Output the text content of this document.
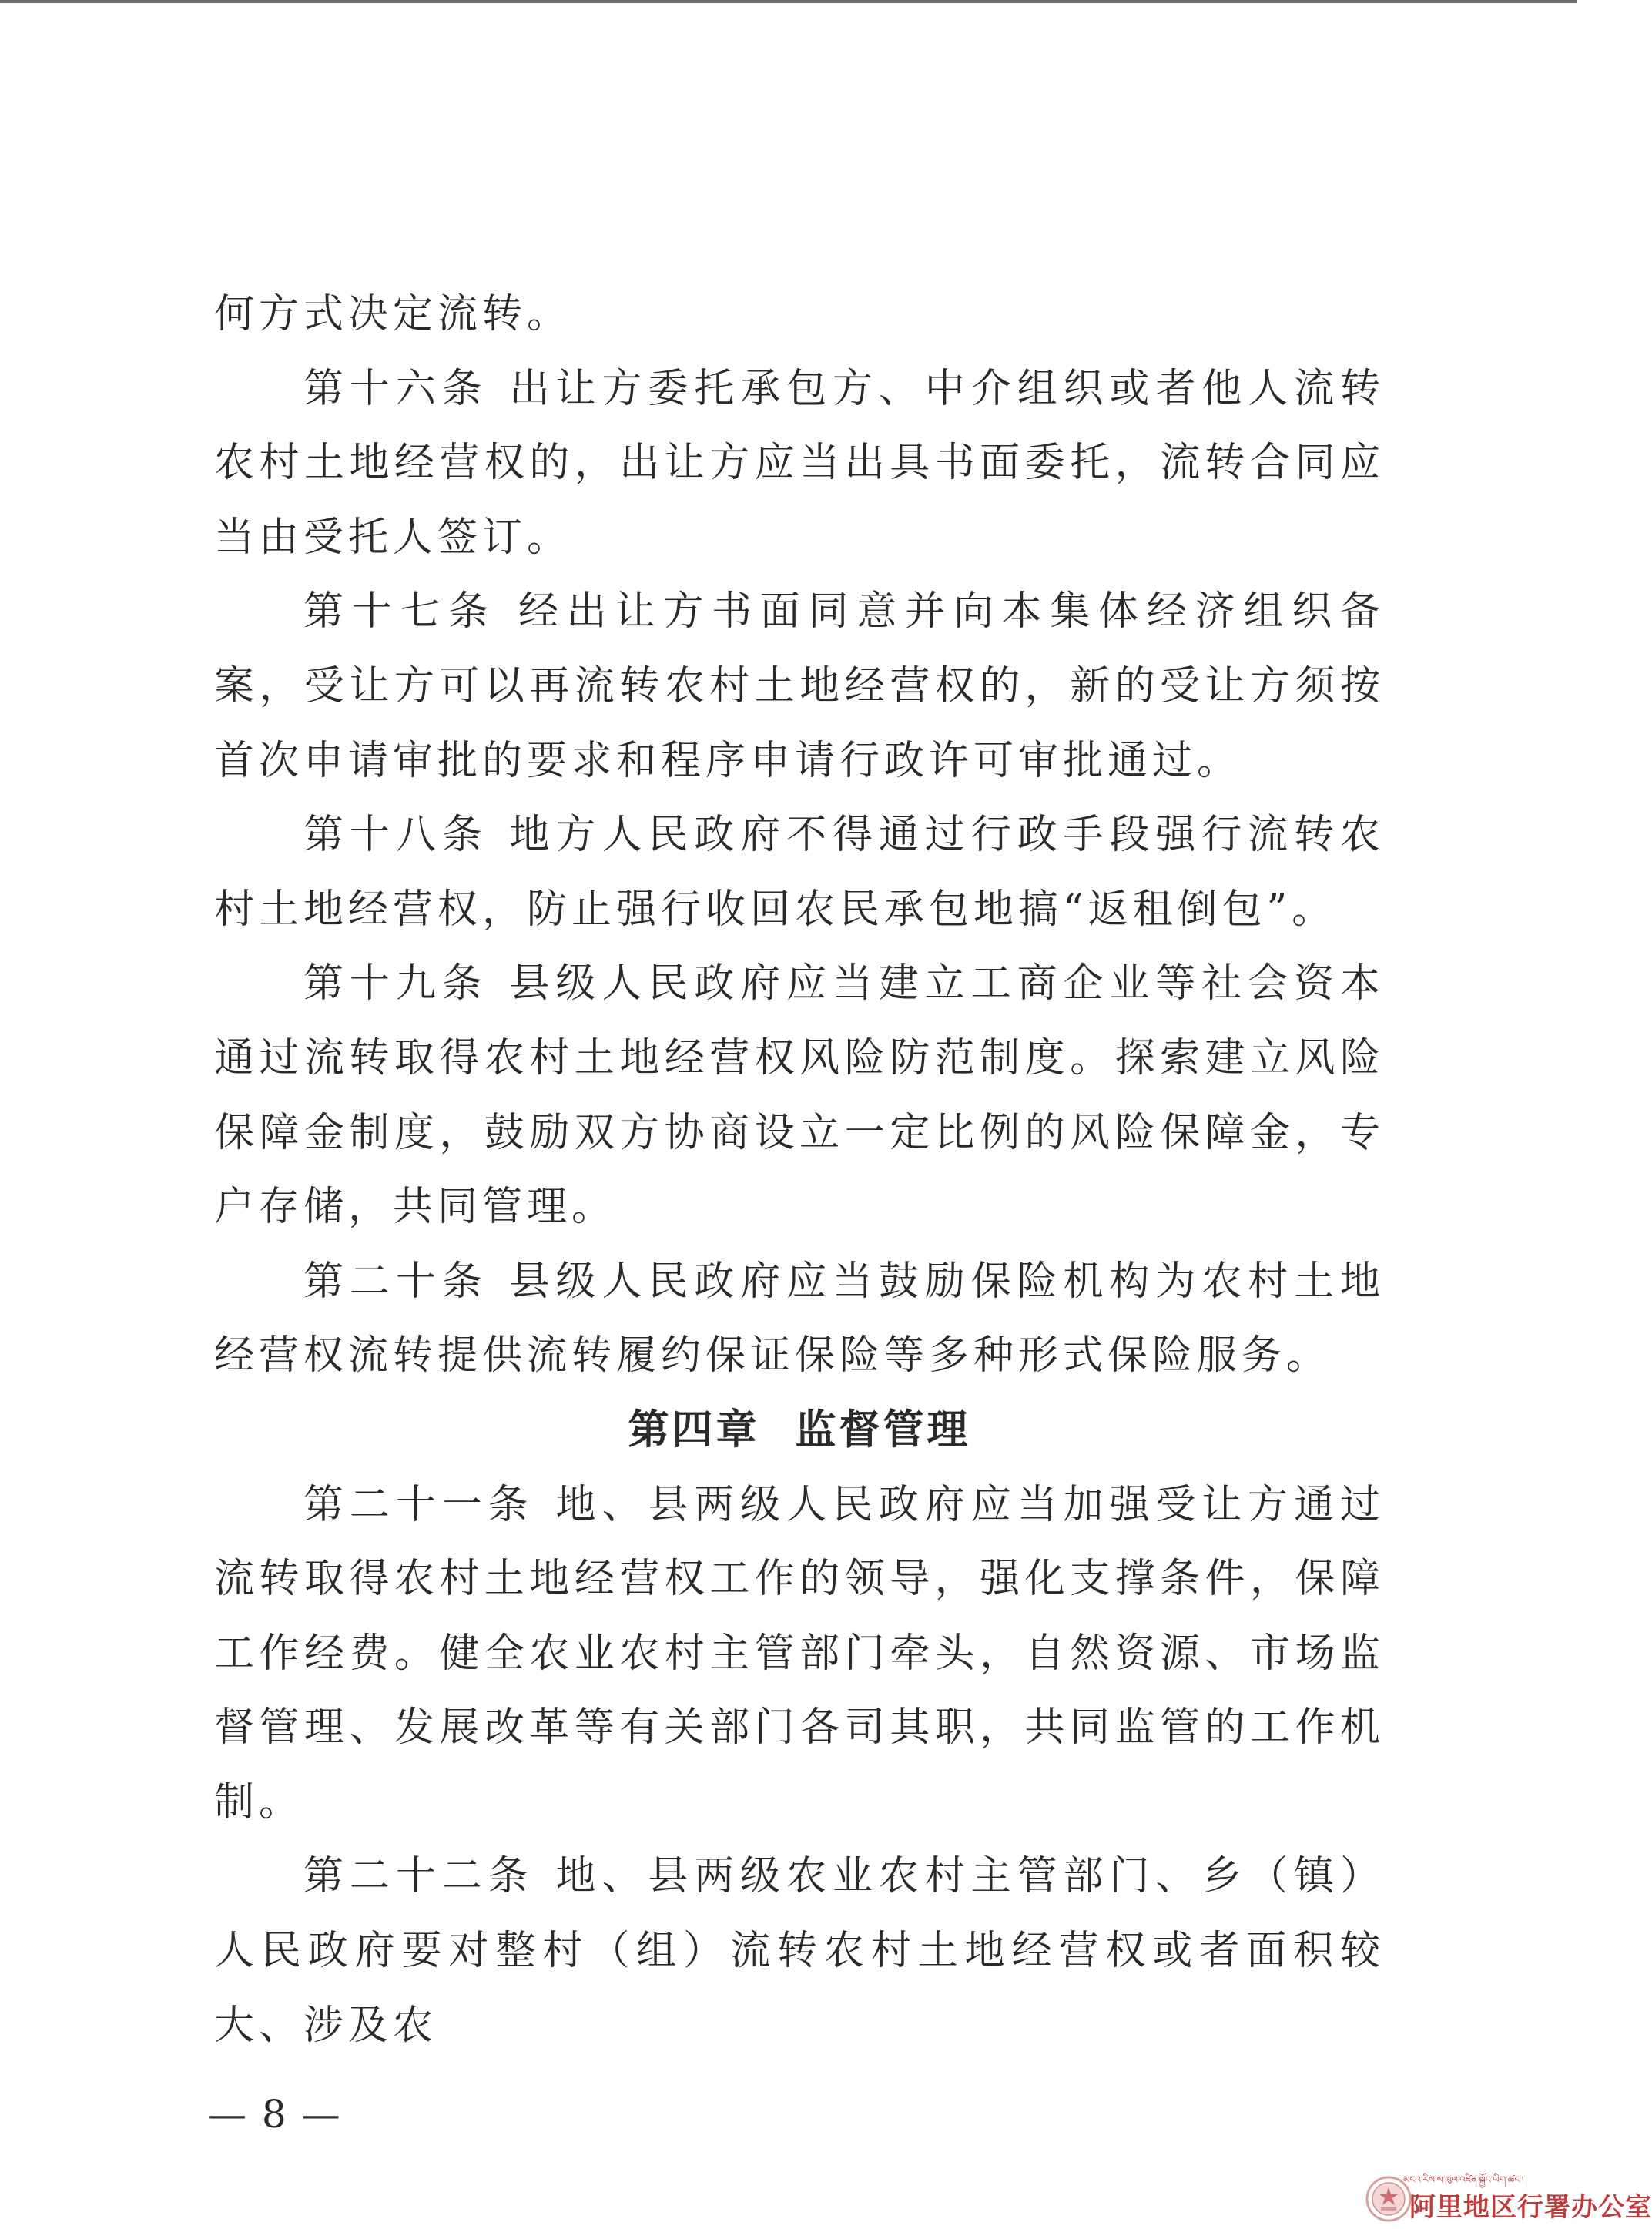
何方式决定流转。

第十六条 出让方委托承包方、中介组织或者他人流转农村土地经营权的，出让方应当出具书面委托，流转合同应当由受托人签订。

第十七条 经出让方书面同意并向本集体经济组织备案，受让方可以再流转农村土地经营权的，新的受让方须按首次申请审批的要求和程序申请行政许可审批通过。

第十八条 地方人民政府不得通过行政手段强行流转农村土地经营权，防止强行收回农民承包地搞“返租倒包”。

第十九条 县级人民政府应当建立工商企业等社会资本通过流转取得农村土地经营权风险防范制度。探索建立风险保障金制度，鼓励双方协商设立一定比例的风险保障金，专户存储，共同管理。

第二十条 县级人民政府应当鼓励保险机构为农村土地经营权流转提供流转履约保证保险等多种形式保险服务。

第四章 监督管理

第二十一条 地、县两级人民政府应当加强受让方通过流转取得农村土地经营权工作的领导，强化支撑条件，保障工作经费。健全农业农村主管部门牵头，自然资源、市场监督管理、发展改革等有关部门各司其职，共同监管的工作机制。

第二十二条 地、县两级农业农村主管部门、乡（镇）人民政府要对整村（组）流转农村土地经营权或者面积较大、涉及农

— 8 —
མངའ་རིས་ས་ཁུལ་འཛིན་སྐྱོང་ཡིག་ཚང་།
阿里地区行署办公室
